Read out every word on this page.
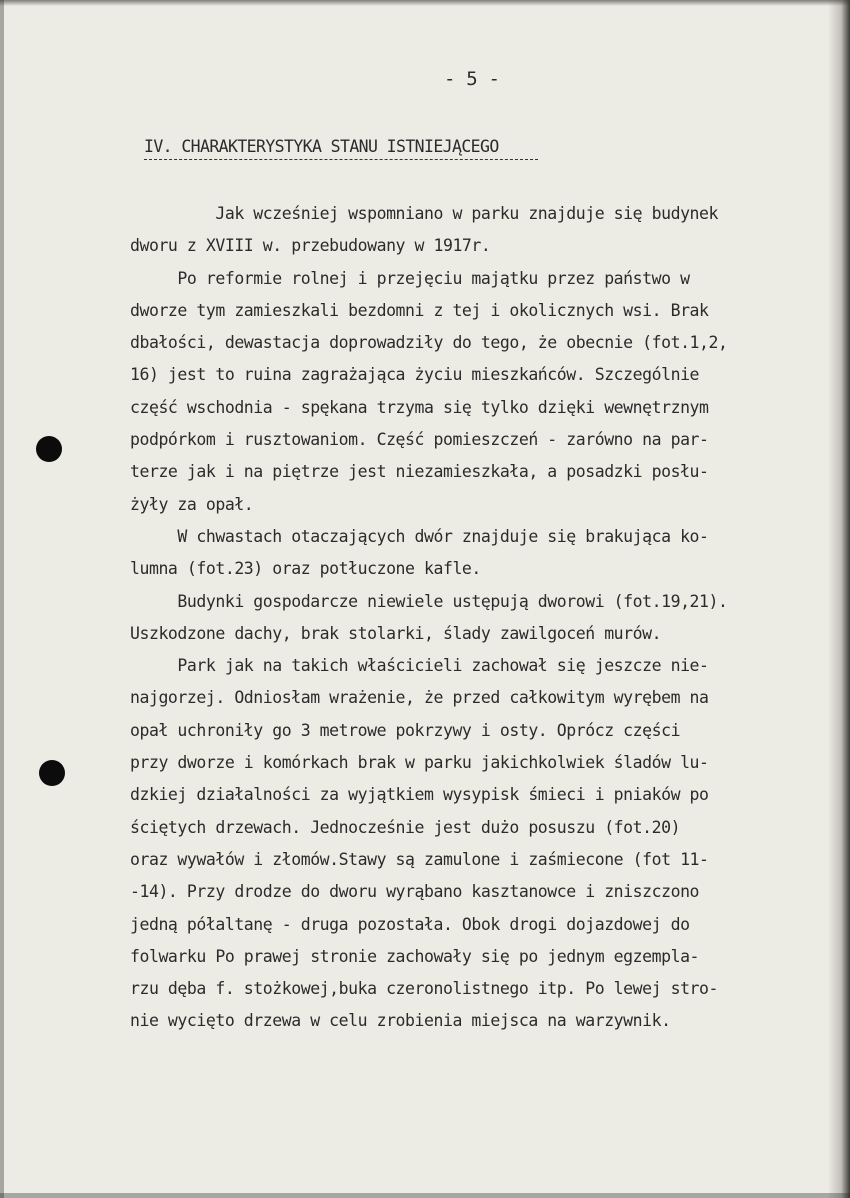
- 5 -
IV. CHARAKTERYSTYKA STANU ISTNIEJĄCEGO
Jak wcześniej wspomniano w parku znajduje się budynek
dworu z XVIII w. przebudowany w 1917r.
Po reformie rolnej i przejęciu majątku przez państwo w
dworze tym zamieszkali bezdomni z tej i okolicznych wsi. Brak
dbałości, dewastacja doprowadziły do tego, że obecnie (fot.1,2,
16) jest to ruina zagrażająca życiu mieszkańców. Szczególnie
część wschodnia - spękana trzyma się tylko dzięki wewnętrznym
podpórkom i rusztowaniom. Część pomieszczeń - zarówno na par-
terze jak i na piętrze jest niezamieszkała, a posadzki posłu-
żyły za opał.
W chwastach otaczających dwór znajduje się brakująca ko-
lumna (fot.23) oraz potłuczone kafle.
Budynki gospodarcze niewiele ustępują dworowi (fot.19,21).
Uszkodzone dachy, brak stolarki, ślady zawilgoceń murów.
Park jak na takich właścicieli zachował się jeszcze nie-
najgorzej. Odniosłam wrażenie, że przed całkowitym wyrębem na
opał uchroniły go 3 metrowe pokrzywy i osty. Oprócz części
przy dworze i komórkach brak w parku jakichkolwiek śladów lu-
dzkiej działalności za wyjątkiem wysypisk śmieci i pniaków po
ściętych drzewach. Jednocześnie jest dużo posuszu (fot.20)
oraz wywałów i złomów.Stawy są zamulone i zaśmiecone (fot 11-
-14). Przy drodze do dworu wyrąbano kasztanowce i zniszczono
jedną półaltanę - druga pozostała. Obok drogi dojazdowej do
folwarku Po prawej stronie zachowały się po jednym egzempla-
rzu dęba f. stożkowej,buka czeronolistnego itp. Po lewej stro-
nie wycięto drzewa w celu zrobienia miejsca na warzywnik.
